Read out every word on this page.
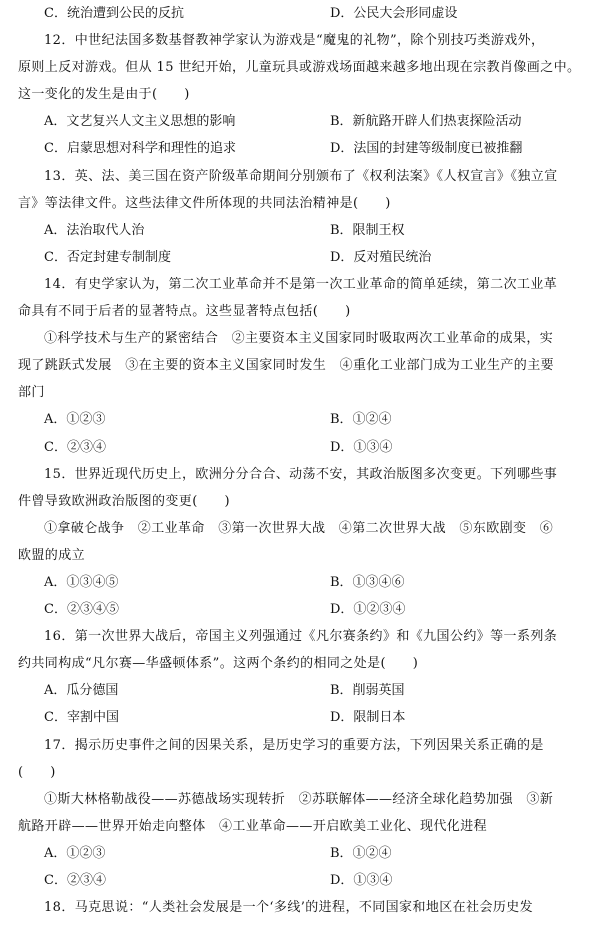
C．统治遭到公民的反抗	D．公民大会形同虚设
12．中世纪法国多数基督教神学家认为游戏是“魔鬼的礼物”，除个别技巧类游戏外，
原则上反对游戏。但从 15 世纪开始，儿童玩具或游戏场面越来越多地出现在宗教肖像画之中。
这一变化的发生是由于(　　)
A．文艺复兴人文主义思想的影响	B．新航路开辟人们热衷探险活动
C．启蒙思想对科学和理性的追求	D．法国的封建等级制度已被推翻
13．英、法、美三国在资产阶级革命期间分别颁布了《权利法案》《人权宣言》《独立宣
言》等法律文件。这些法律文件所体现的共同法治精神是(　　)
A．法治取代人治	B．限制王权
C．否定封建专制制度	D．反对殖民统治
14．有史学家认为，第二次工业革命并不是第一次工业革命的简单延续，第二次工业革
命具有不同于后者的显著特点。这些显著特点包括(　　)
①科学技术与生产的紧密结合　②主要资本主义国家同时吸取两次工业革命的成果，实
现了跳跃式发展　③在主要的资本主义国家同时发生　④重化工业部门成为工业生产的主要
部门
A．①②③	B．①②④
C．②③④	D．①③④
15．世界近现代历史上，欧洲分分合合、动荡不安，其政治版图多次变更。下列哪些事
件曾导致欧洲政治版图的变更(　　)
①拿破仑战争　②工业革命　③第一次世界大战　④第二次世界大战　⑤东欧剧变　⑥
欧盟的成立
A．①③④⑤	B．①③④⑥
C．②③④⑤	D．①②③④
16．第一次世界大战后，帝国主义列强通过《凡尔赛条约》和《九国公约》等一系列条
约共同构成“凡尔赛—华盛顿体系”。这两个条约的相同之处是(　　)
A．瓜分德国	B．削弱英国
C．宰割中国	D．限制日本
17．揭示历史事件之间的因果关系，是历史学习的重要方法，下列因果关系正确的是
(　　)
①斯大林格勒战役——苏德战场实现转折　②苏联解体——经济全球化趋势加强　③新
航路开辟——世界开始走向整体　④工业革命——开启欧美工业化、现代化进程
A．①②③	B．①②④
C．②③④	D．①③④
18．马克思说：“人类社会发展是一个‘多线’的进程，不同国家和地区在社会历史发
